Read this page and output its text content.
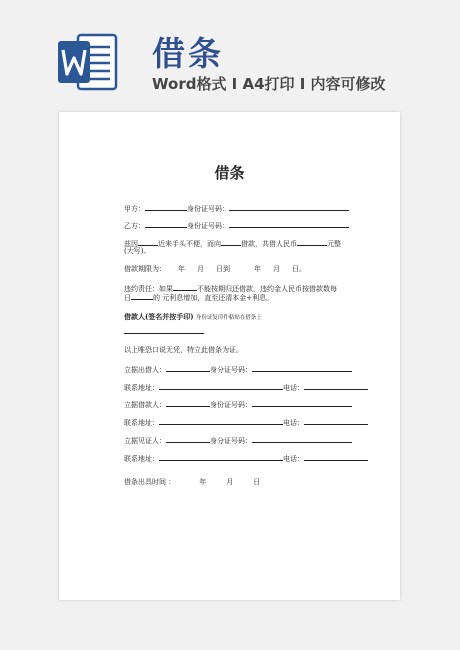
借条
Word格式 I A4打印 I 内容可修改
借条
甲方：	身份证号码：
乙方：	身份证号码：
兹因	近来手头不便，而向	借款，共借人民币	元整
(大写)。
借款期限为： 年 月 日到	年 月 日。
违约责任：如果	不能按期归还借款，违约金人民币按借款数每
日	的 元利息增加，直至还清本金+利息。
借款人(签名并按手印) 身份证复印件粘贴在借条上
以上唯恐口说无凭，特立此借条为证。
立据出借人：	身分证号码：
联系地址：	电话：
立据借款人：	身份证号码：
联系地址：	电话：
立据见证人：	身分证号码：
联系地址：	电话：
借条出具时间 ：	年	月	日
